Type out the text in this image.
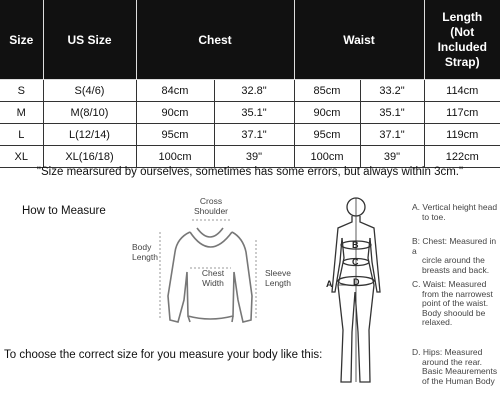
Size	US Size	Chest		Waist		Length
(Not Included
Strap)
S	S(4/6)	84cm	32.8"	85cm	33.2"	114cm
M	M(8/10)	90cm	35.1"	90cm	35.1"	117cm
L	L(12/14)	95cm	37.1"	95cm	37.1"	119cm
XL	XL(16/18)	100cm	39"	100cm	39"	122cm
"Size mearsured by ourselves, sometimes has some errors, but always within 3cm."
How to Measure
Cross
Shoulder
Body
Length
Chest
Width
Sleeve
Length	A
B
C
D
A. Vertical height head
to toe.
B: Chest: Measured in a
circle around the
breasts and back.
C. Waist: Measured
from the narrowest
point of the waist.
Body shoould be
relaxed.
D. Hips: Measured
around the rear.
Basic Meaurements
of the Human Body
To choose the correct size for you measure your body like this:
